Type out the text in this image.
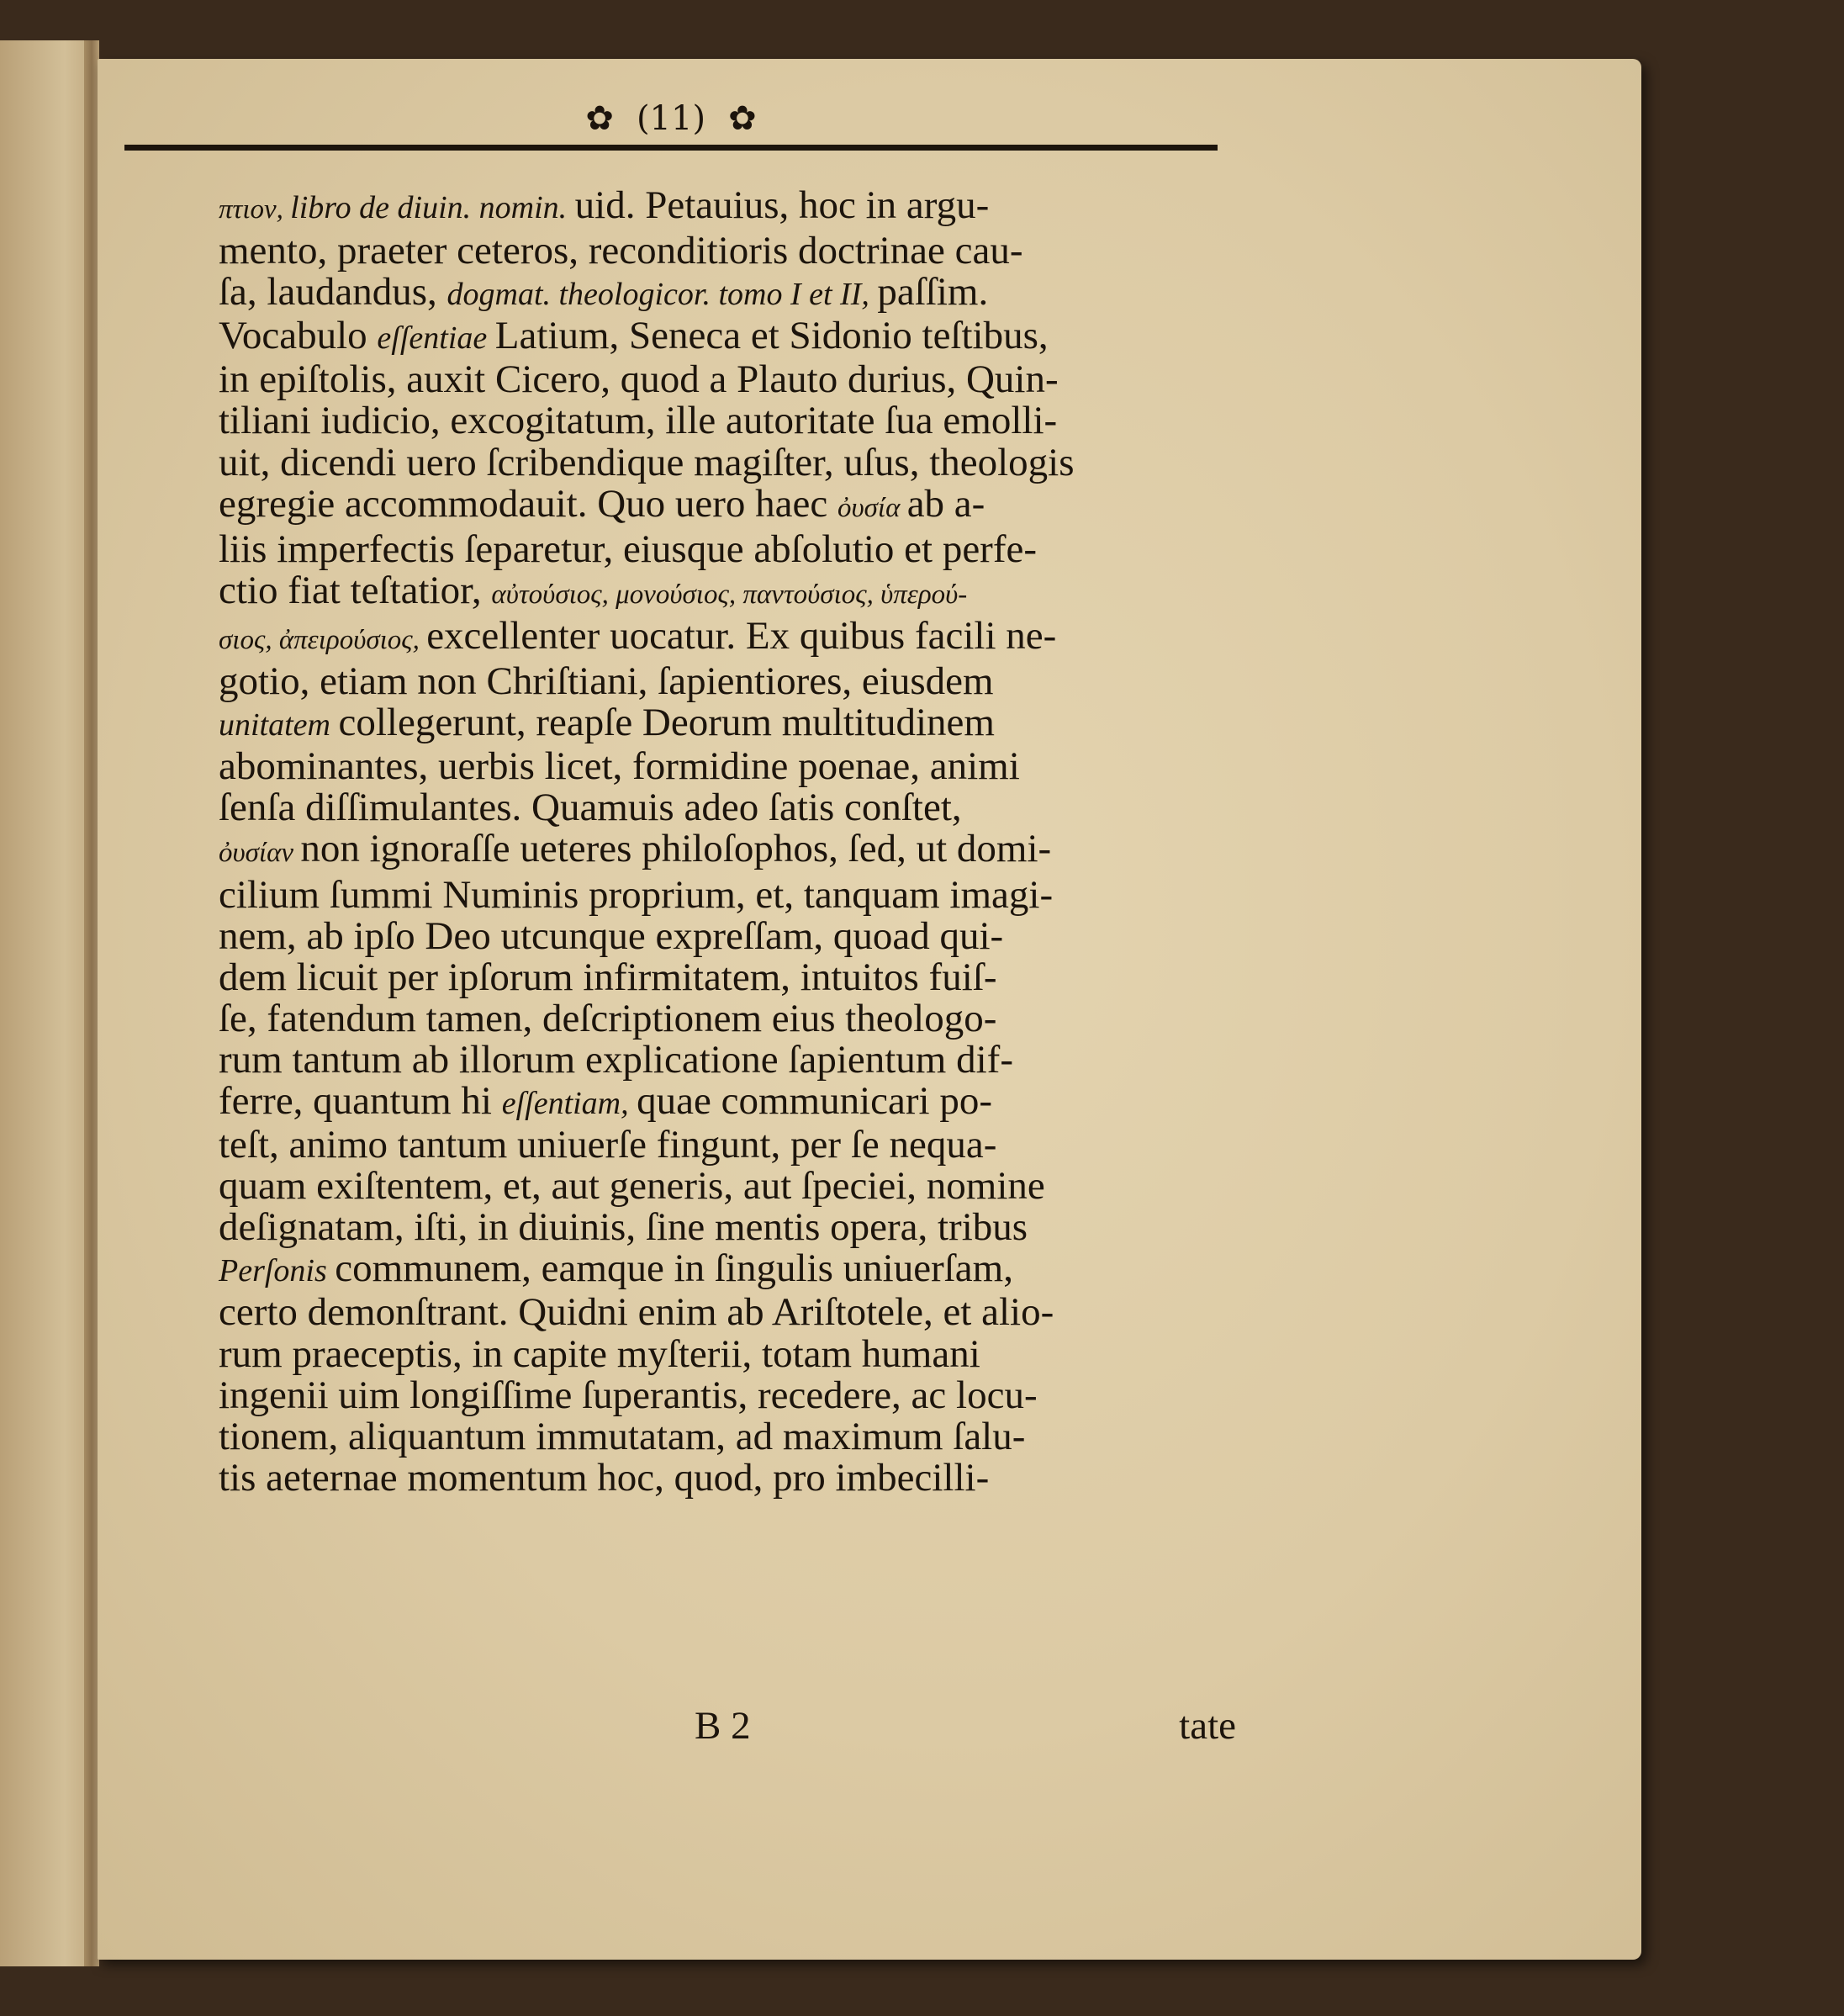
✿ (11) ✿
πτιον, libro de diuin. nomin. uid. Petauius, hoc in argu-
mento, praeter ceteros, reconditioris doctrinae cau-
ſa, laudandus, dogmat. theologicor. tomo I et II, paſſim.
Vocabulo eſſentiae Latium, Seneca et Sidonio teſtibus,
in epiſtolis, auxit Cicero, quod a Plauto durius, Quin-
tiliani iudicio, excogitatum, ille autoritate ſua emolli-
uit, dicendi uero ſcribendique magiſter, uſus, theologis
egregie accommodauit. Quo uero haec ὀυσία ab a-
liis imperfectis ſeparetur, eiusque abſolutio et perfe-
ctio fiat teſtatior, αὐτούσιος, μονούσιος, παντούσιος, ὑπερού-
σιος, ἀπειρούσιος, excellenter uocatur. Ex quibus facili ne-
gotio, etiam non Chriſtiani, ſapientiores, eiusdem
unitatem collegerunt, reapſe Deorum multitudinem
abominantes, uerbis licet, formidine poenae, animi
ſenſa diſſimulantes. Quamuis adeo ſatis conſtet,
ὀυσίαν non ignoraſſe ueteres philoſophos, ſed, ut domi-
cilium ſummi Numinis proprium, et, tanquam imagi-
nem, ab ipſo Deo utcunque expreſſam, quoad qui-
dem licuit per ipſorum infirmitatem, intuitos fuiſ-
ſe, fatendum tamen, deſcriptionem eius theologo-
rum tantum ab illorum explicatione ſapientum dif-
ferre, quantum hi eſſentiam, quae communicari po-
teſt, animo tantum uniuerſe fingunt, per ſe nequa-
quam exiſtentem, et, aut generis, aut ſpeciei, nomine
deſignatam, iſti, in diuinis, ſine mentis opera, tribus
Perſonis communem, eamque in ſingulis uniuerſam,
certo demonſtrant. Quidni enim ab Ariſtotele, et alio-
rum praeceptis, in capite myſterii, totam humani
ingenii uim longiſſime ſuperantis, recedere, ac locu-
tionem, aliquantum immutatam, ad maximum ſalu-
tis aeternae momentum hoc, quod, pro imbecilli-
B 2	tate
